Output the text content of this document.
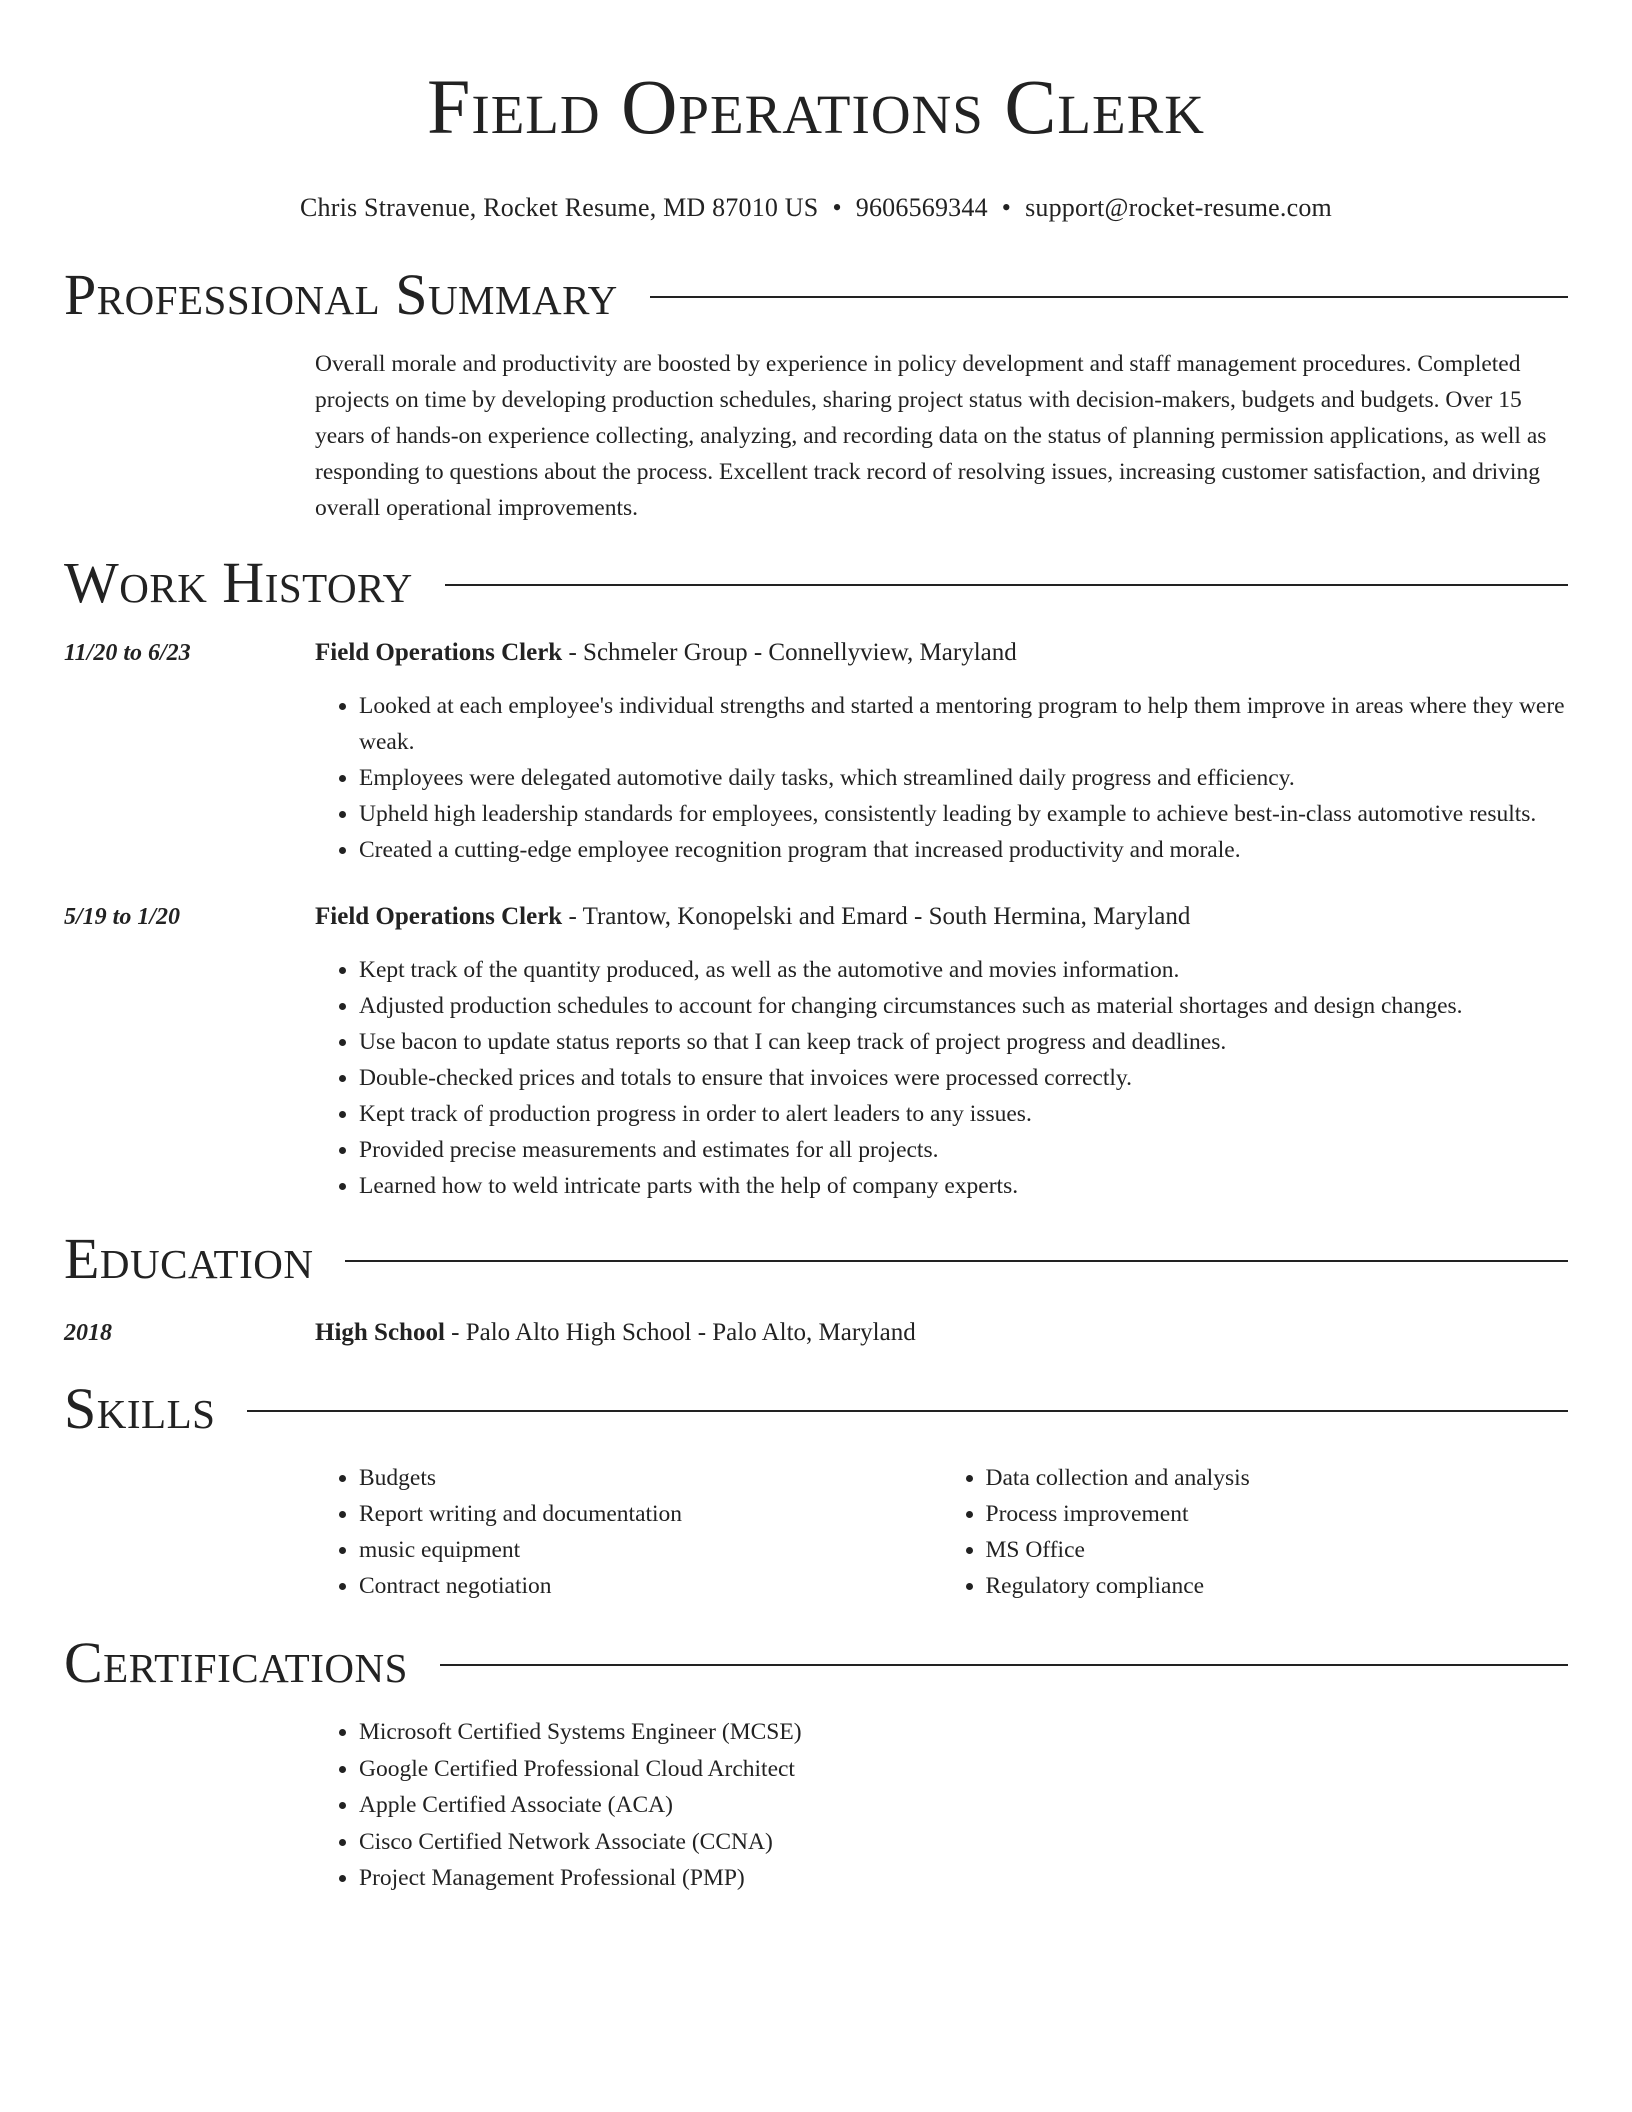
Field Operations Clerk
Chris Stravenue, Rocket Resume, MD 87010 US • 9606569344 • support@rocket-resume.com
Professional Summary
Overall morale and productivity are boosted by experience in policy development and staff management procedures. Completed projects on time by developing production schedules, sharing project status with decision-makers, budgets and budgets. Over 15 years of hands-on experience collecting, analyzing, and recording data on the status of planning permission applications, as well as responding to questions about the process. Excellent track record of resolving issues, increasing customer satisfaction, and driving overall operational improvements.
Work History
11/20 to 6/23	Field Operations Clerk - Schmeler Group - Connellyview, Maryland
• Looked at each employee's individual strengths and started a mentoring program to help them improve in areas where they were weak.
• Employees were delegated automotive daily tasks, which streamlined daily progress and efficiency.
• Upheld high leadership standards for employees, consistently leading by example to achieve best-in-class automotive results.
• Created a cutting-edge employee recognition program that increased productivity and morale.
5/19 to 1/20	Field Operations Clerk - Trantow, Konopelski and Emard - South Hermina, Maryland
• Kept track of the quantity produced, as well as the automotive and movies information.
• Adjusted production schedules to account for changing circumstances such as material shortages and design changes.
• Use bacon to update status reports so that I can keep track of project progress and deadlines.
• Double-checked prices and totals to ensure that invoices were processed correctly.
• Kept track of production progress in order to alert leaders to any issues.
• Provided precise measurements and estimates for all projects.
• Learned how to weld intricate parts with the help of company experts.
Education
2018	High School - Palo Alto High School - Palo Alto, Maryland
Skills
• Budgets
• Report writing and documentation
• music equipment
• Contract negotiation
• Data collection and analysis
• Process improvement
• MS Office
• Regulatory compliance
Certifications
• Microsoft Certified Systems Engineer (MCSE)
• Google Certified Professional Cloud Architect
• Apple Certified Associate (ACA)
• Cisco Certified Network Associate (CCNA)
• Project Management Professional (PMP)
